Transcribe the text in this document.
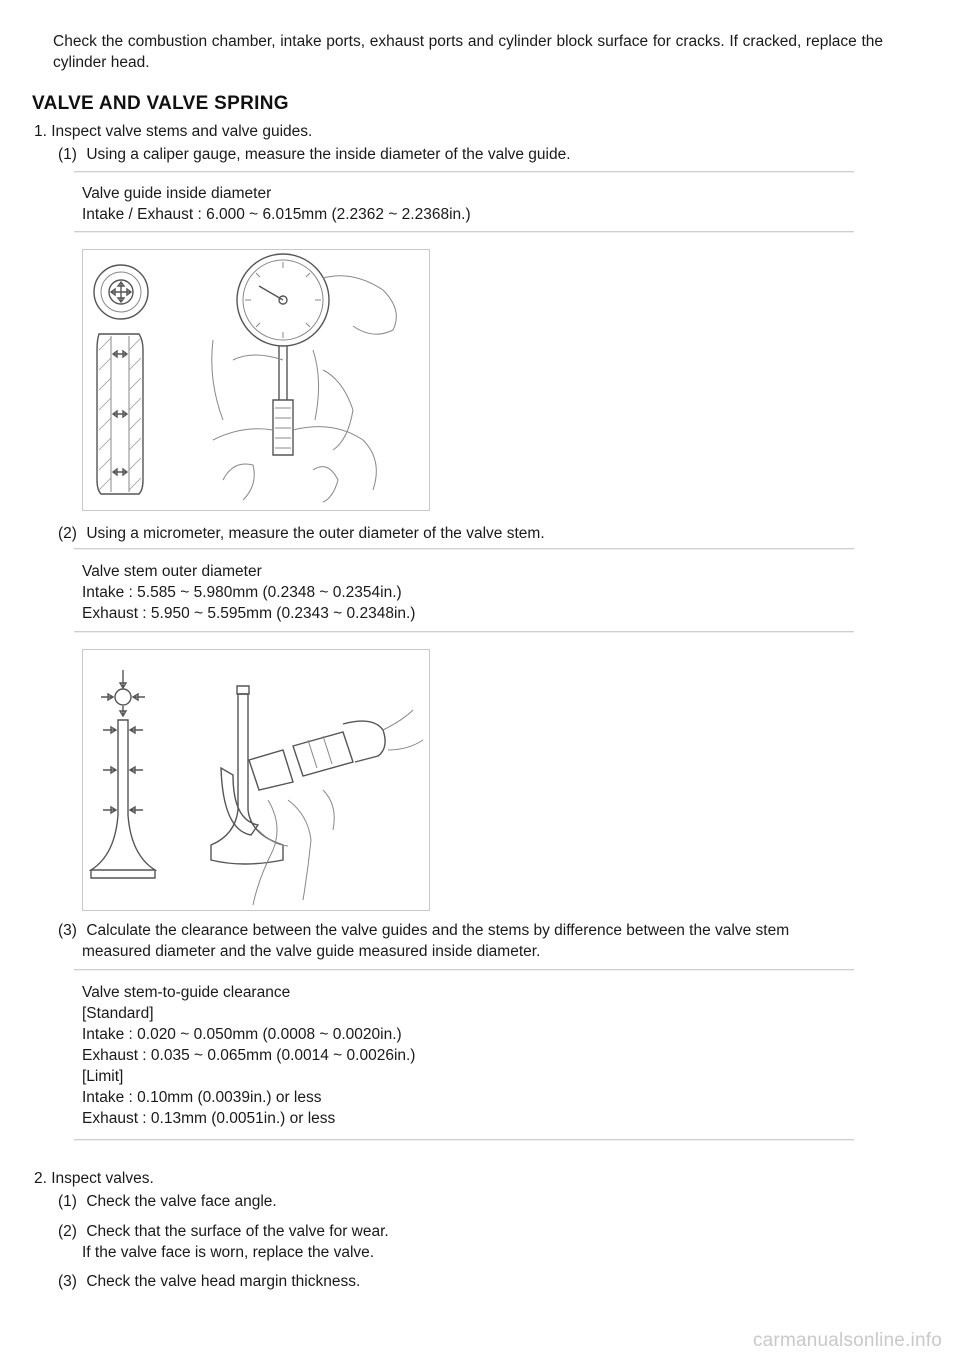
Check the combustion chamber, intake ports, exhaust ports and cylinder block surface for cracks. If cracked, replace the cylinder head.
VALVE AND VALVE SPRING
1. Inspect valve stems and valve guides.
(1) Using a caliper gauge, measure the inside diameter of the valve guide.
Valve guide inside diameter
Intake / Exhaust : 6.000 ~ 6.015mm (2.2362 ~ 2.2368in.)
(2) Using a micrometer, measure the outer diameter of the valve stem.
Valve stem outer diameter
Intake : 5.585 ~ 5.980mm (0.2348 ~ 0.2354in.)
Exhaust : 5.950 ~ 5.595mm (0.2343 ~ 0.2348in.)
(3) Calculate the clearance between the valve guides and the stems by difference between the valve stem
measured diameter and the valve guide measured inside diameter.
Valve stem-to-guide clearance
[Standard]
Intake : 0.020 ~ 0.050mm (0.0008 ~ 0.0020in.)
Exhaust : 0.035 ~ 0.065mm (0.0014 ~ 0.0026in.)
[Limit]
Intake : 0.10mm (0.0039in.) or less
Exhaust : 0.13mm (0.0051in.) or less
2. Inspect valves.
(1) Check the valve face angle.
(2) Check that the surface of the valve for wear.
If the valve face is worn, replace the valve.
(3) Check the valve head margin thickness.
carmanualsonline.info
